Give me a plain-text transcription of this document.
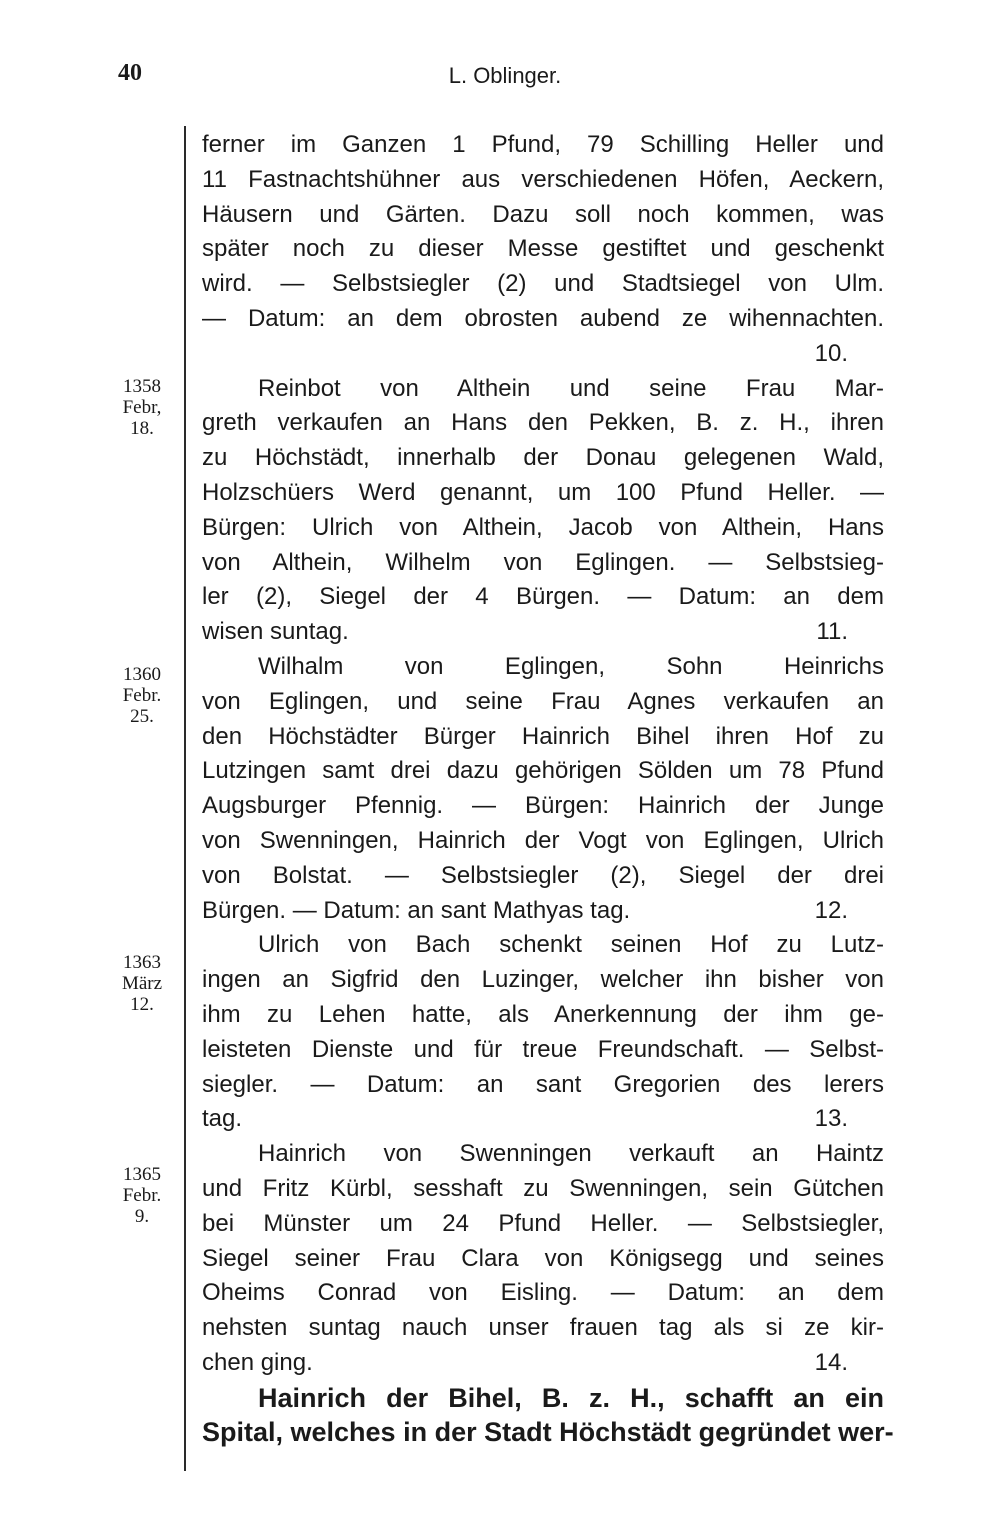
40	L. Oblinger.
1358
Febr,
18.
1360
Febr.
25.
1363
März
12.
1365
Febr.
9.
ferner im Ganzen 1 Pfund, 79 Schilling Heller und
11 Fastnachtshühner aus verschiedenen Höfen, Aeckern,
Häusern und Gärten. Dazu soll noch kommen, was
später noch zu dieser Messe gestiftet und geschenkt
wird. — Selbstsiegler (2) und Stadtsiegel von Ulm.
— Datum: an dem obrosten aubend ze wihennachten.
10.
Reinbot von Althein und seine Frau Mar-
greth verkaufen an Hans den Pekken, B. z. H., ihren
zu Höchstädt, innerhalb der Donau gelegenen Wald,
Holzschüers Werd genannt, um 100 Pfund Heller. —
Bürgen: Ulrich von Althein, Jacob von Althein, Hans
von Althein, Wilhelm von Eglingen. — Selbstsieg-
ler (2), Siegel der 4 Bürgen. — Datum: an dem
wisen suntag.	11.
Wilhalm von Eglingen, Sohn Heinrichs
von Eglingen, und seine Frau Agnes verkaufen an
den Höchstädter Bürger Hainrich Bihel ihren Hof zu
Lutzingen samt drei dazu gehörigen Sölden um 78 Pfund
Augsburger Pfennig. — Bürgen: Hainrich der Junge
von Swenningen, Hainrich der Vogt von Eglingen, Ulrich
von Bolstat. — Selbstsiegler (2), Siegel der drei
Bürgen. — Datum: an sant Mathyas tag.	12.
Ulrich von Bach schenkt seinen Hof zu Lutz-
ingen an Sigfrid den Luzinger, welcher ihn bisher von
ihm zu Lehen hatte, als Anerkennung der ihm ge-
leisteten Dienste und für treue Freundschaft. — Selbst-
siegler. — Datum: an sant Gregorien des lerers
tag.	13.
Hainrich von Swenningen verkauft an Haintz
und Fritz Kürbl, sesshaft zu Swenningen, sein Gütchen
bei Münster um 24 Pfund Heller. — Selbstsiegler,
Siegel seiner Frau Clara von Königsegg und seines
Oheims Conrad von Eisling. — Datum: an dem
nehsten suntag nauch unser frauen tag als si ze kir-
chen ging.	14.
Hainrich der Bihel, B. z. H., schafft an ein
Spital, welches in der Stadt Höchstädt gegründet wer-
